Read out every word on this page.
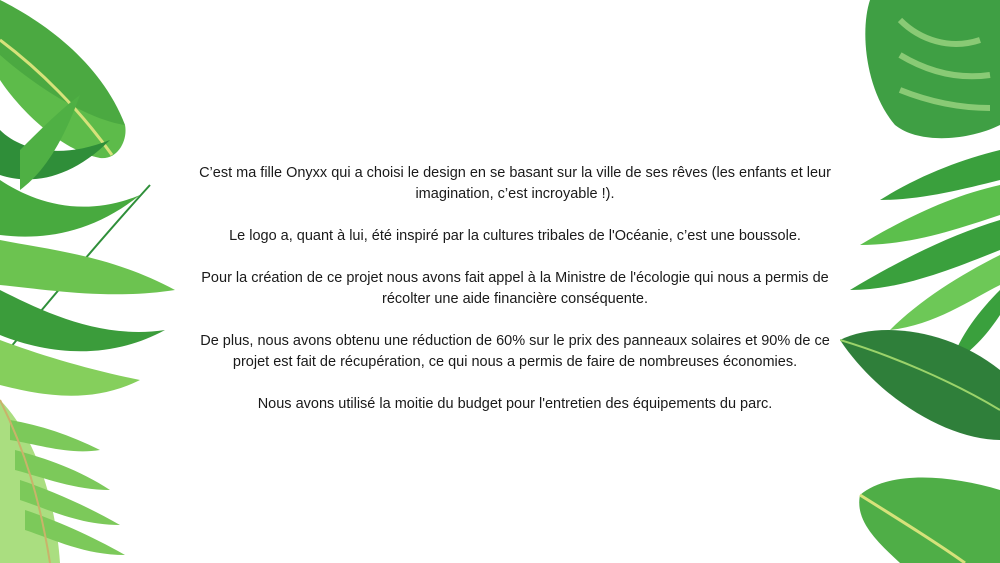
C’est ma fille Onyxx qui a choisi le design en se basant sur la ville de ses rêves (les enfants et leur imagination, c’est incroyable !).

Le logo a, quant à lui, été inspiré par la cultures tribales de l'Océanie, c’est une boussole.

Pour la création de ce projet nous avons fait appel à la Ministre de l'écologie qui nous a permis de récolter une aide financière conséquente.

De plus, nous avons obtenu une réduction de 60% sur le prix des panneaux solaires et 90% de ce projet est fait de récupération, ce qui nous a permis de faire de nombreuses économies.

Nous avons utilisé la moitie du budget pour l'entretien des équipements du parc.
